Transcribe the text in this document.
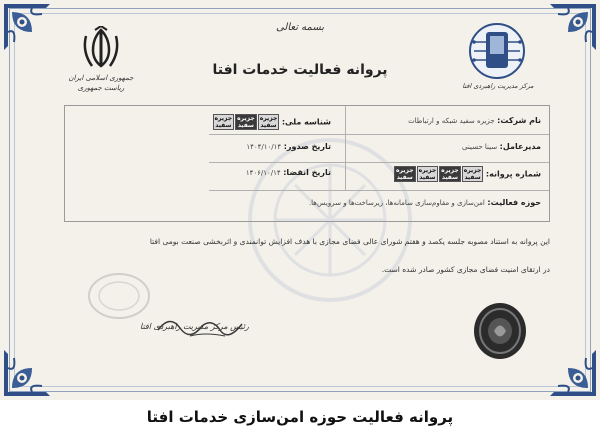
بسمه تعالی
پروانه فعالیت خدمات افتا
جمهوری اسلامی ایران
ریاست جمهوری	مرکز مدیریت راهبردی افتا
نام شرکت: جزیره سفید شبکه و ارتباطات
مدیرعامل: سینا حسینی
شماره پروانه: جزیره
سفیدجزیره
سفیدجزیره
سفیدجزیره
سفید
حوزه فعالیت: امن‌سازی و مقاوم‌سازی سامانه‌ها، زیرساخت‌ها و سرویس‌ها.
شناسه ملی: جزیره
سفیدجزیره
سفیدجزیره
سفید
تاریخ صدور: ۱۴۰۴/۱۰/۱۴
تاریخ انقضا: ۱۴۰۶/۱۰/۱۴
این پروانه به استناد مصوبه جلسه یکصد و هفتم شورای عالی فضای مجازی با هدف افزایش توانمندی و اثربخشی صنعت بومی افتا
در ارتقای امنیت فضای مجازی کشور صادر شده است.
رئیس مرکز مدیریت راهبردی افتا
پروانه فعالیت حوزه امن‌سازی خدمات افتا
